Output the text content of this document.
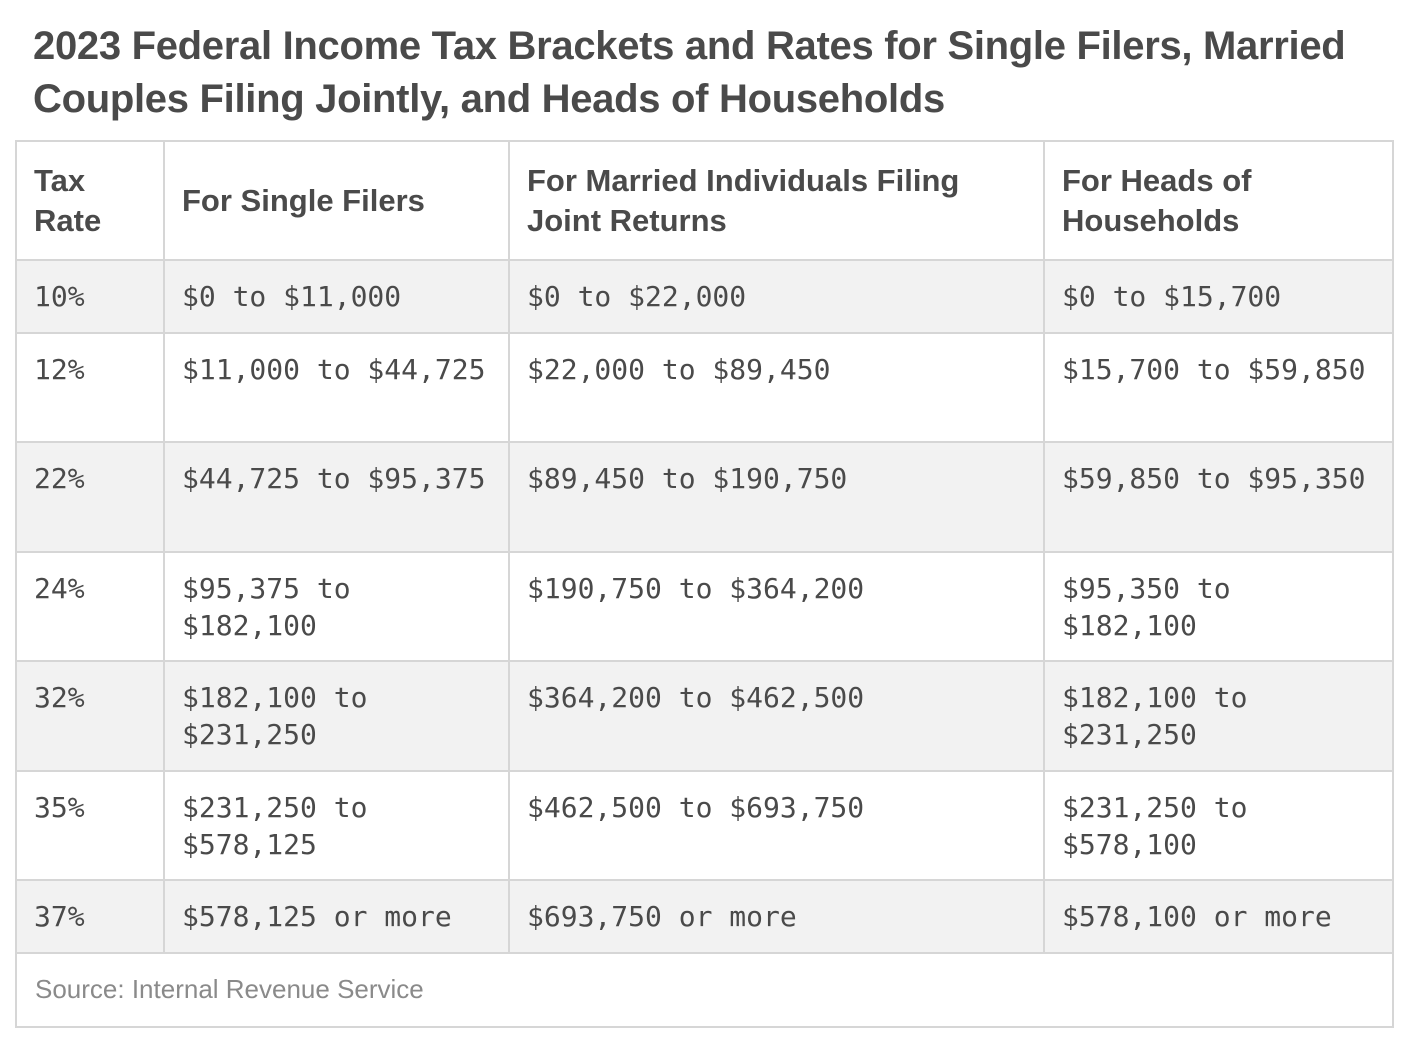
2023 Federal Income Tax Brackets and Rates for Single Filers, Married Couples Filing Jointly, and Heads of Households
Tax Rate	For Single Filers	For Married Individuals Filing Joint Returns	For Heads of Households
10%	$0 to $11,000	$0 to $22,000	$0 to $15,700
12%	$11,000 to $44,725	$22,000 to $89,450	$15,700 to $59,850
22%	$44,725 to $95,375	$89,450 to $190,750	$59,850 to $95,350
24%	$95,375 to $182,100	$190,750 to $364,200	$95,350 to $182,100
32%	$182,100 to $231,250	$364,200 to $462,500	$182,100 to $231,250
35%	$231,250 to $578,125	$462,500 to $693,750	$231,250 to $578,100
37%	$578,125 or more	$693,750 or more	$578,100 or more
Source: Internal Revenue Service
